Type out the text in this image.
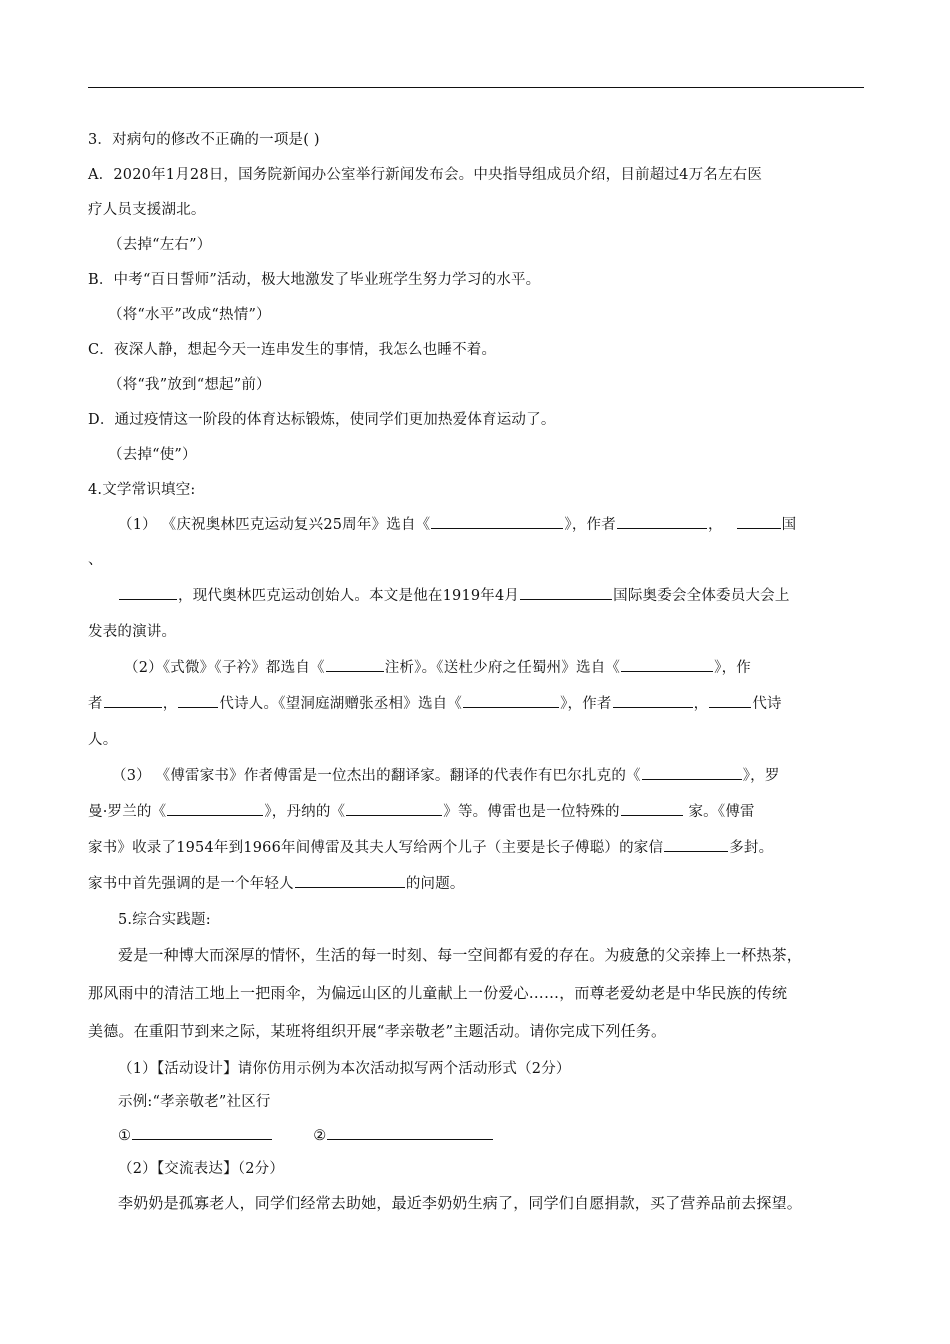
3．对病句的修改不正确的一项是( )
A．2020年1月28日，国务院新闻办公室举行新闻发布会。中央指导组成员介绍，目前超过4万名左右医
疗人员支援湖北。
（去掉“左右”）
B．中考“百日誓师”活动，极大地激发了毕业班学生努力学习的水平。
（将“水平”改成“热情”）
C．夜深人静，想起今天一连串发生的事情，我怎么也睡不着。
（将“我”放到“想起”前）
D．通过疫情这一阶段的体育达标锻炼，使同学们更加热爱体育运动了。
（去掉“使”）
4.文学常识填空:
（1） 《庆祝奥林匹克运动复兴25周年》选自《	》，作者	，	国
、
，现代奥林匹克运动创始人。本文是他在1919年4月	国际奥委会全体委员大会上
发表的演讲。
（2）《式微》《子衿》都选自《	注析》。《送杜少府之任蜀州》选自《	》，作
者	，	代诗人。《望洞庭湖赠张丞相》选自《	》，作者	，	代诗
人。
（3） 《傅雷家书》作者傅雷是一位杰出的翻译家。翻译的代表作有巴尔扎克的《	》，罗
曼·罗兰的《	》，丹纳的《	》等。傅雷也是一位特殊的	家。《傅雷
家书》收录了1954年到1966年间傅雷及其夫人写给两个儿子（主要是长子傅聪）的家信	多封。
家书中首先强调的是一个年轻人	的问题。
5.综合实践题:
爱是一种博大而深厚的情怀，生活的每一时刻、每一空间都有爱的存在。为疲惫的父亲捧上一杯热茶，
那风雨中的清洁工地上一把雨伞，为偏远山区的儿童献上一份爱心……，而尊老爱幼老是中华民族的传统
美德。在重阳节到来之际，某班将组织开展“孝亲敬老”主题活动。请你完成下列任务。
（1）【活动设计】请你仿用示例为本次活动拟写两个活动形式（2分）
示例:“孝亲敬老”社区行
①	②
（2）【交流表达】（2分）
李奶奶是孤寡老人，同学们经常去助她，最近李奶奶生病了，同学们自愿捐款，买了营养品前去探望。
